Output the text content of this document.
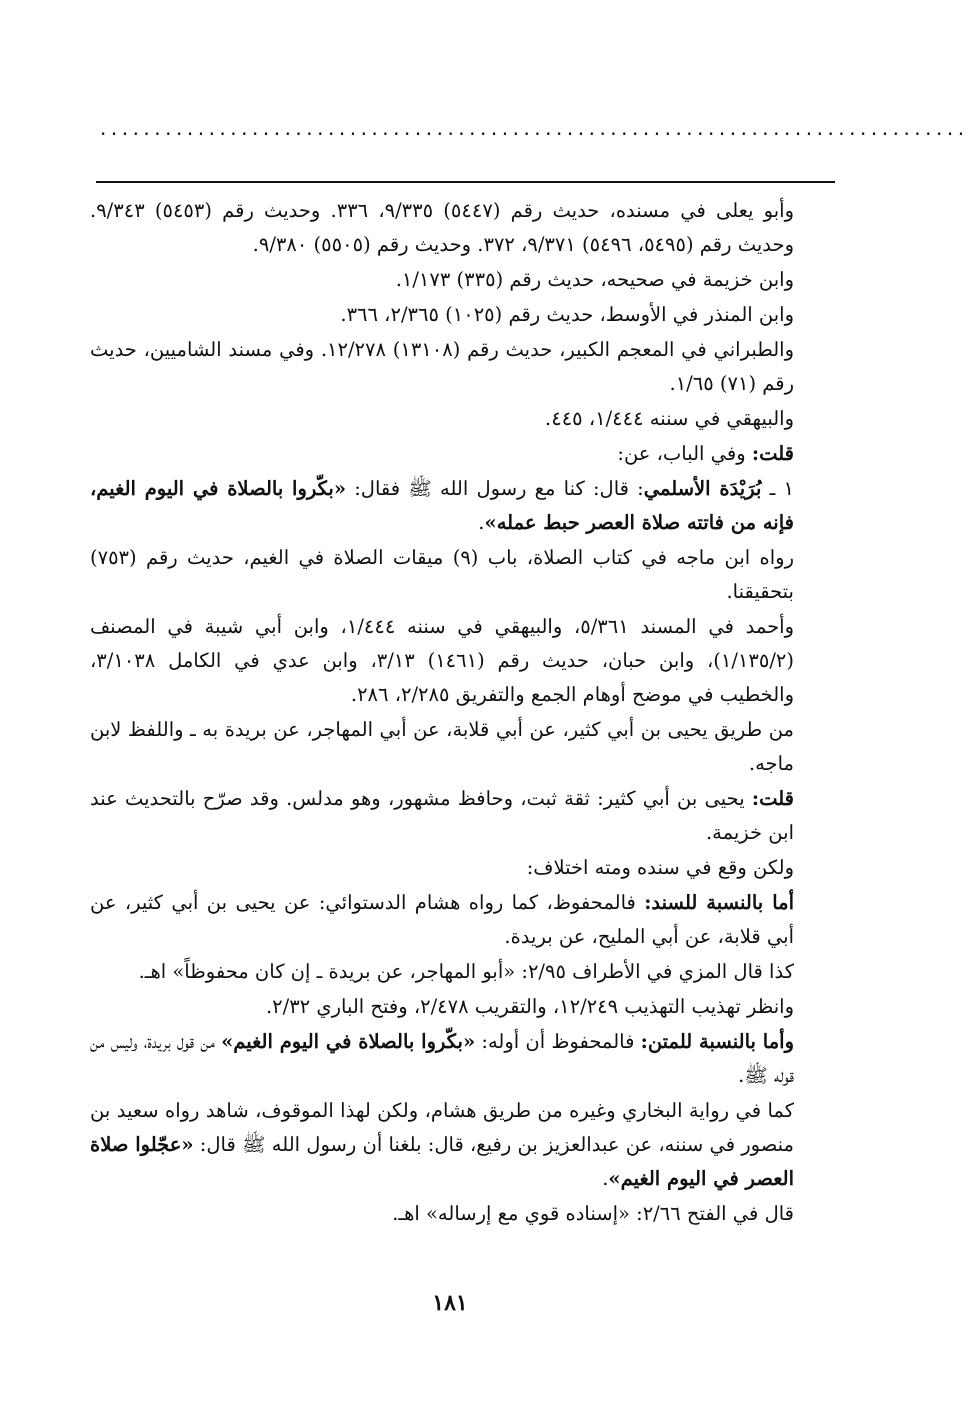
................................................................................

وأبو يعلى في مسنده، حديث رقم (٥٤٤٧) ٩/٣٣٥، ٣٣٦. وحديث رقم (٥٤٥٣) ٩/٣٤٣. وحديث رقم (٥٤٩٥، ٥٤٩٦) ٩/٣٧١، ٣٧٢. وحديث رقم (٥٥٠٥) ٩/٣٨٠.

وابن خزيمة في صحيحه، حديث رقم (٣٣٥) ١/١٧٣.

وابن المنذر في الأوسط، حديث رقم (١٠٢٥) ٢/٣٦٥، ٣٦٦.

والطبراني في المعجم الكبير، حديث رقم (١٣١٠٨) ١٢/٢٧٨. وفي مسند الشاميين، حديث رقم (٧١) ١/٦٥.

والبيهقي في سننه ١/٤٤٤، ٤٤٥.

قلت: وفي الباب، عن:

١ ـ بُرَيْدَة الأسلمي: قال: كنا مع رسول الله ﷺ فقال: «بكّروا بالصلاة في اليوم الغيم، فإنه من فاتته صلاة العصر حبط عمله».

رواه ابن ماجه في كتاب الصلاة، باب (٩) ميقات الصلاة في الغيم، حديث رقم (٧٥٣) بتحقيقنا.

وأحمد في المسند ٥/٣٦١، والبيهقي في سننه ١/٤٤٤، وابن أبي شيبة في المصنف (١/١٣٥/٢)، وابن حبان، حديث رقم (١٤٦١) ٣/١٣، وابن عدي في الكامل ٣/١٠٣٨، والخطيب في موضح أوهام الجمع والتفريق ٢/٢٨٥، ٢٨٦.

من طريق يحيى بن أبي كثير، عن أبي قلابة، عن أبي المهاجر، عن بريدة به ـ واللفظ لابن ماجه.

قلت: يحيى بن أبي كثير: ثقة ثبت، وحافظ مشهور، وهو مدلس. وقد صرّح بالتحديث عند ابن خزيمة.

ولكن وقع في سنده ومته اختلاف:

أما بالنسبة للسند: فالمحفوظ، كما رواه هشام الدستوائي: عن يحيى بن أبي كثير، عن أبي قلابة، عن أبي المليح، عن بريدة.

كذا قال المزي في الأطراف ٢/٩٥: «أبو المهاجر، عن بريدة ـ إن كان محفوظاً» اهـ.

وانظر تهذيب التهذيب ١٢/٢٤٩، والتقريب ٢/٤٧٨، وفتح الباري ٢/٣٢.

وأما بالنسبة للمتن: فالمحفوظ أن أوله: «بكّروا بالصلاة في اليوم الغيم» من قول بريدة، وليس من قوله ﷺ.

كما في رواية البخاري وغيره من طريق هشام، ولكن لهذا الموقوف، شاهد رواه سعيد بن منصور في سننه، عن عبدالعزيز بن رفيع، قال: بلغنا أن رسول الله ﷺ قال: «عجّلوا صلاة العصر في اليوم الغيم».

قال في الفتح ٢/٦٦: «إسناده قوي مع إرساله» اهـ.

١٨١
